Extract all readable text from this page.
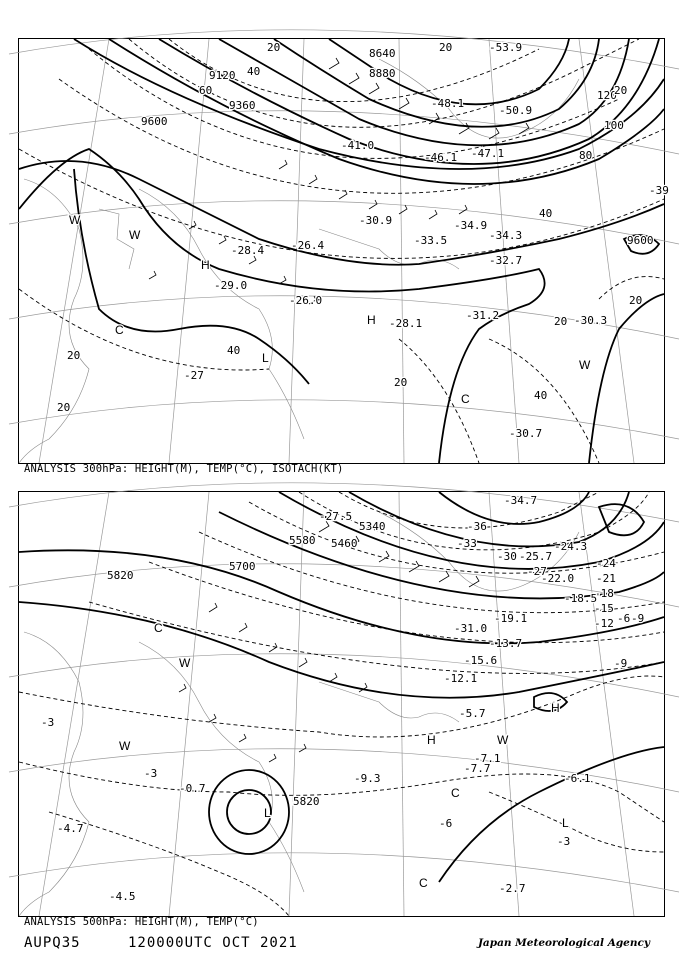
9600
9120
9360
8640
8880
9600
20
40
60
80
100
120
20
40
20
20
20	40
20
20
40
20
H
H
L
W
W
W
C
C
-28.1
-31.2
-30.9
-33.5
-34.9
-41.0
-46.1 -47.1
-48.1
-50.9
-53.9
-26.4
-28.4
-29.0
-26.0
-30.3
-30.7
-32.7
-34.3
-27
-39
ANALYSIS 300hPa: HEIGHT(M), TEMP(°C), ISOTACH(KT)
5820
5820
5700
5580 5460
5340
-3
-6
-9
-12
-15
-18
-21
-24
-27
-30
-33
-36
-3
-6 -9
-3
H
H
L
L
W
W	W
C
C
C
-7.1
-7.7
-5.7
-6.1
-9.3
-12.1
-15.6
-18.5
-19.1
-22.0
-24.3
-25.7
-27.5
-31.0
-34.7
-13.7
-4.5
-2.7
-0.7
-4.7
ANALYSIS 500hPa: HEIGHT(M), TEMP(°C)
AUPQ35	120000UTC OCT 2021	Japan Meteorological Agency
